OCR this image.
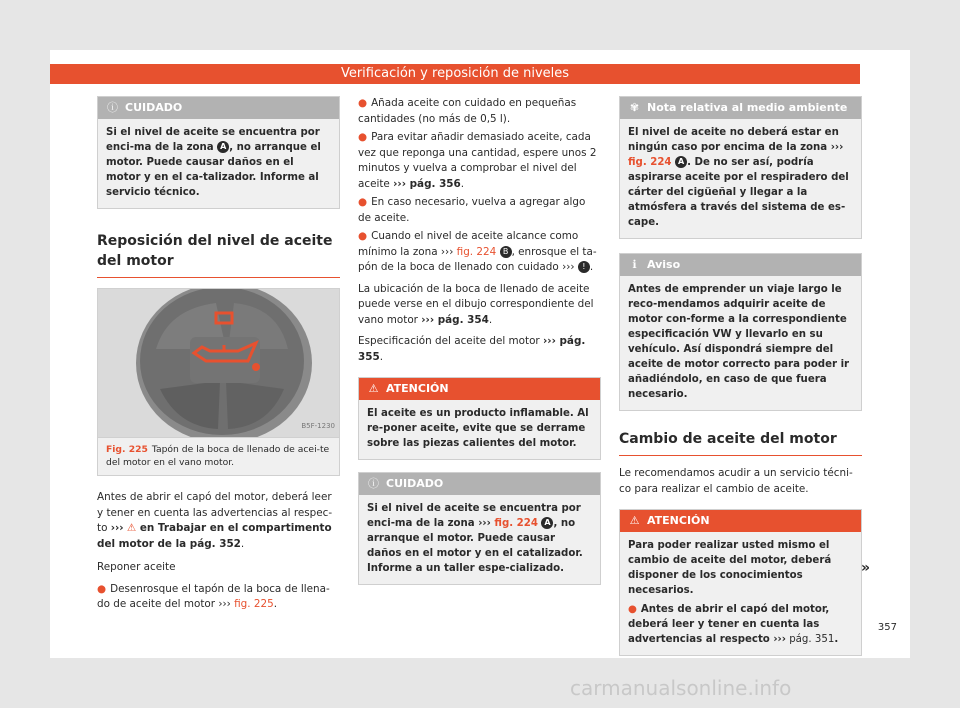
Verificación y reposición de niveles
ⓘ CUIDADO
Si el nivel de aceite se encuentra por enci-ma de la zona A , no arranque el motor. Puede causar daños en el motor y en el ca-talizador. Informe al servicio técnico.
Reposición del nivel de aceite del motor
B5F-1230
Fig. 225 Tapón de la boca de llenado de acei-te del motor en el vano motor.

Antes de abrir el capó del motor, deberá leer y tener en cuenta las advertencias al respec-to ››› ⚠ en Trabajar en el compartimento del motor de la pág. 352.

Reponer aceite

● Desenrosque el tapón de la boca de llena-do de aceite del motor ››› fig. 225.

● Añada aceite con cuidado en pequeñas cantidades (no más de 0,5 l).

● Para evitar añadir demasiado aceite, cada vez que reponga una cantidad, espere unos 2 minutos y vuelva a comprobar el nivel del aceite ››› pág. 356.

● En caso necesario, vuelva a agregar algo de aceite.

● Cuando el nivel de aceite alcance como mínimo la zona ››› fig. 224 B , enrosque el ta-pón de la boca de llenado con cuidado ››› ! .

La ubicación de la boca de llenado de aceite puede verse en el dibujo correspondiente del vano motor ››› pág. 354.

Especificación del aceite del motor ››› pág. 355.

⚠ ATENCIÓN
El aceite es un producto inflamable. Al re-poner aceite, evite que se derrame sobre las piezas calientes del motor.
ⓘ CUIDADO
Si el nivel de aceite se encuentra por enci-ma de la zona ››› fig. 224 A , no arranque el motor. Puede causar daños en el motor y en el catalizador. Informe a un taller espe-cializado.
✾ Nota relativa al medio ambiente
El nivel de aceite no deberá estar en ningún caso por encima de la zona ››› fig. 224 A . De no ser así, podría aspirarse aceite por el respiradero del cárter del cigüeñal y llegar a la atmósfera a través del sistema de es-cape.
ℹ Aviso
Antes de emprender un viaje largo le reco-mendamos adquirir aceite de motor con-forme a la correspondiente especificación VW y llevarlo en su vehículo. Así dispondrá siempre del aceite de motor correcto para poder ir añadiéndolo, en caso de que fuera necesario.
Cambio de aceite del motor

Le recomendamos acudir a un servicio técni-co para realizar el cambio de aceite.

⚠ ATENCIÓN
Para poder realizar usted mismo el cambio de aceite del motor, deberá disponer de los conocimientos necesarios.
● Antes de abrir el capó del motor, deberá leer y tener en cuenta las advertencias al respecto ››› pág. 351.
»
357
carmanualsonline.info
